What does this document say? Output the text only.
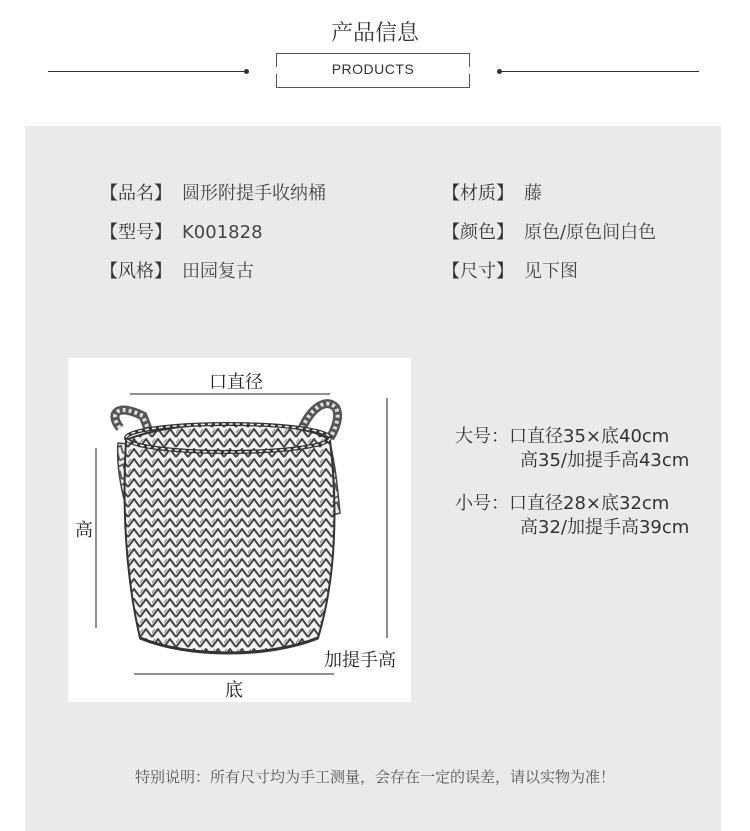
产品信息
PRODUCTS
【品名】 圆形附提手收纳桶
【型号】 K001828
【风格】 田园复古
【材质】 藤
【颜色】 原色/原色间白色
【尺寸】 见下图
口直径
高
底
加提手高
大号：口直径35×底40cm
高35/加提手高43cm
小号：口直径28×底32cm
高32/加提手高39cm
特别说明：所有尺寸均为手工测量，会存在一定的误差，请以实物为准！
